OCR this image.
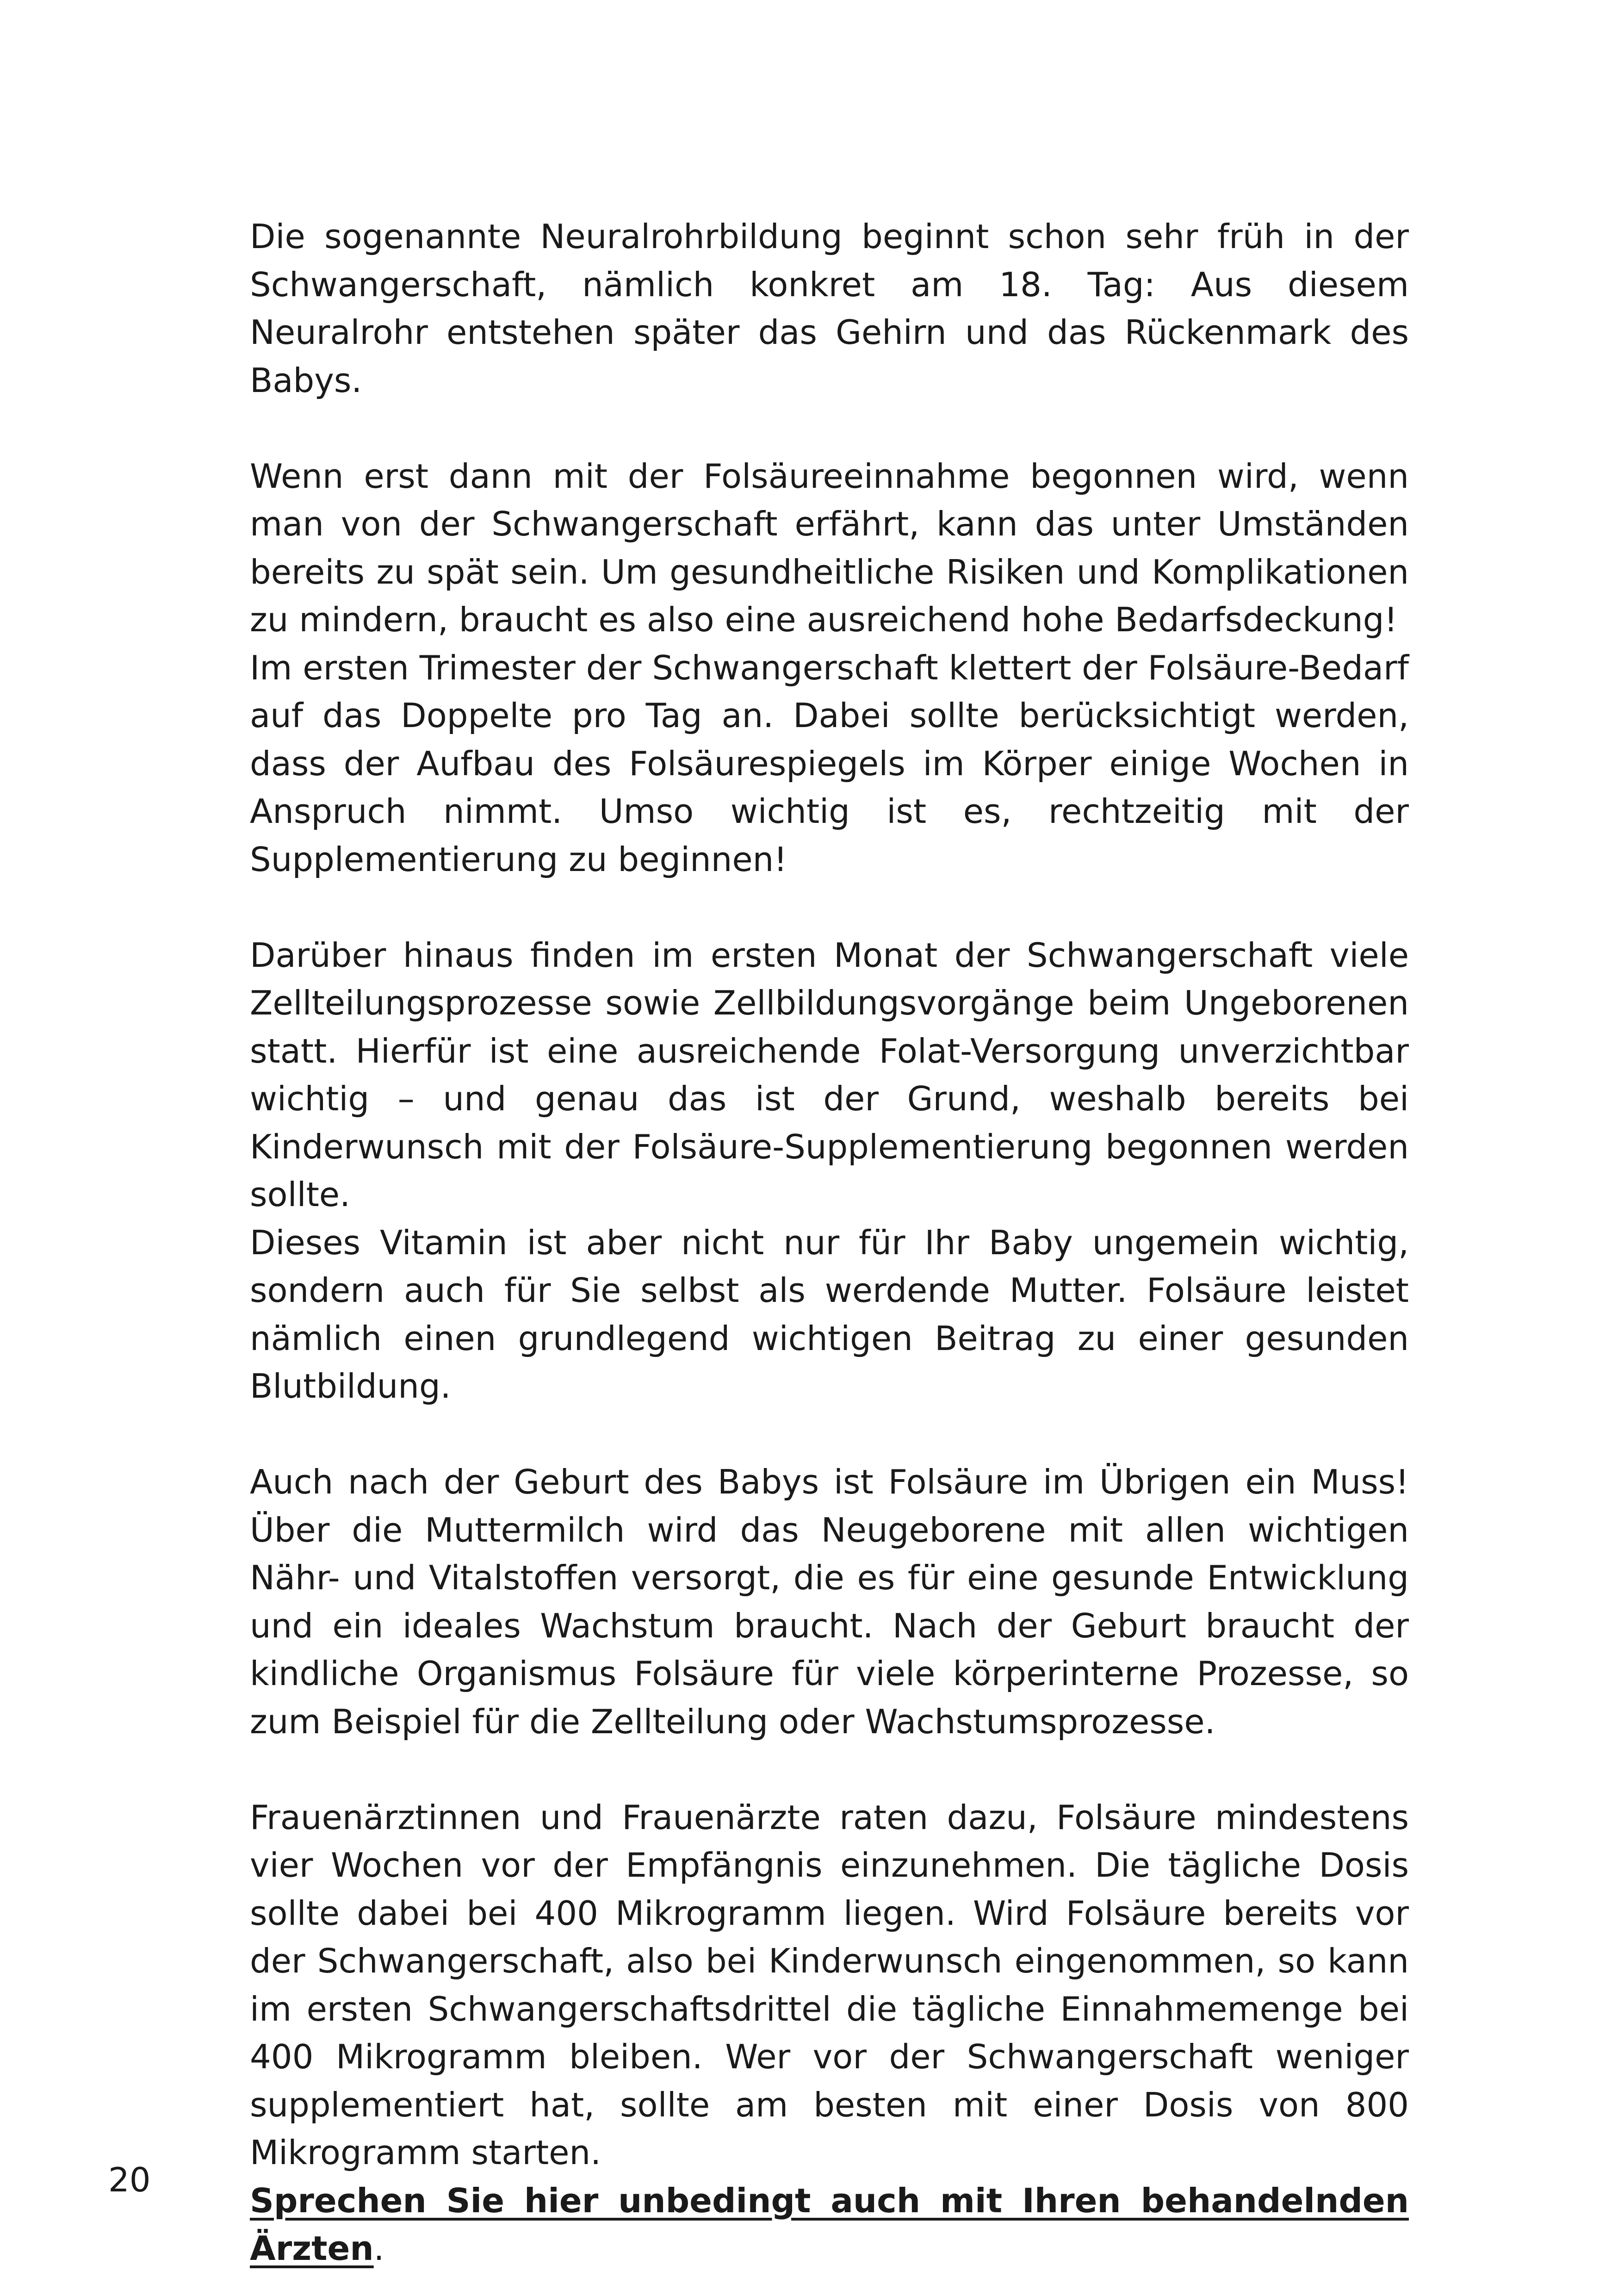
Die sogenannte Neuralrohrbildung beginnt schon sehr früh in der Schwangerschaft, nämlich konkret am 18. Tag: Aus diesem Neuralrohr entstehen später das Gehirn und das Rückenmark des Babys.

Wenn erst dann mit der Folsäureeinnahme begonnen wird, wenn man von der Schwangerschaft erfährt, kann das unter Umständen bereits zu spät sein. Um gesundheitliche Risiken und Komplikationen zu mindern, braucht es also eine ausreichend hohe Bedarfsdeckung!

Im ersten Trimester der Schwangerschaft klettert der Folsäure-Bedarf auf das Doppelte pro Tag an. Dabei sollte berücksichtigt werden, dass der Aufbau des Folsäurespiegels im Körper einige Wochen in Anspruch nimmt. Umso wichtig ist es, rechtzeitig mit der Supplementierung zu beginnen!

Darüber hinaus finden im ersten Monat der Schwangerschaft viele Zellteilungsprozesse sowie Zellbildungsvorgänge beim Ungeborenen statt. Hierfür ist eine ausreichende Folat-Versorgung unverzichtbar wichtig – und genau das ist der Grund, weshalb bereits bei Kinderwunsch mit der Folsäure-Supplementierung begonnen werden sollte.

Dieses Vitamin ist aber nicht nur für Ihr Baby ungemein wichtig, sondern auch für Sie selbst als werdende Mutter. Folsäure leistet nämlich einen grundlegend wichtigen Beitrag zu einer gesunden Blutbildung.

Auch nach der Geburt des Babys ist Folsäure im Übrigen ein Muss! Über die Muttermilch wird das Neugeborene mit allen wichtigen Nähr- und Vitalstoffen versorgt, die es für eine gesunde Entwicklung und ein ideales Wachstum braucht. Nach der Geburt braucht der kindliche Organismus Folsäure für viele körperinterne Prozesse, so zum Beispiel für die Zellteilung oder Wachstumsprozesse.

Frauenärztinnen und Frauenärzte raten dazu, Folsäure mindestens vier Wochen vor der Empfängnis einzunehmen. Die tägliche Dosis sollte dabei bei 400 Mikrogramm liegen. Wird Folsäure bereits vor der Schwangerschaft, also bei Kinderwunsch eingenommen, so kann im ersten Schwangerschaftsdrittel die tägliche Einnahmemenge bei 400 Mikrogramm bleiben. Wer vor der Schwangerschaft weniger supplementiert hat, sollte am besten mit einer Dosis von 800 Mikrogramm starten.

Sprechen Sie hier unbedingt auch mit Ihren behandelnden Ärzten.

20
